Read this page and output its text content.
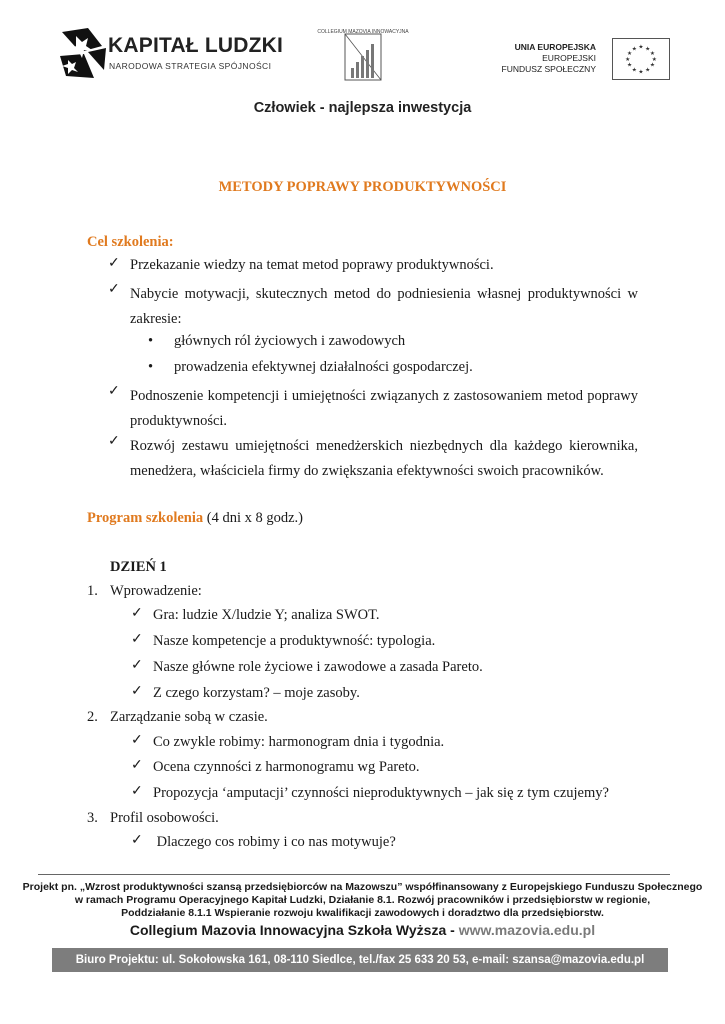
KAPITAŁ LUDZKI
NARODOWA STRATEGIA SPÓJNOŚCI
COLLEGIUM MAZOVIA INNOWACYJNA
UNIA EUROPEJSKA
EUROPEJSKI
FUNDUSZ SPOŁECZNY
★ ★
★
★
★
★
★
★
★
★
★
★
Człowiek - najlepsza inwestycja
METODY POPRAWY PRODUKTYWNOŚCI
Cel szkolenia:
✓ Przekazanie wiedzy na temat metod poprawy produktywności.
✓ Nabycie motywacji, skutecznych metod do podniesienia własnej produktywności w zakresie:
• głównych ról życiowych i zawodowych
• prowadzenia efektywnej działalności gospodarczej.
✓ Podnoszenie kompetencji i umiejętności związanych z zastosowaniem metod poprawy produktywności.
✓ Rozwój zestawu umiejętności menedżerskich niezbędnych dla każdego kierownika, menedżera, właściciela firmy do zwiększania efektywności swoich pracowników.
Program szkolenia (4 dni x 8 godz.)
DZIEŃ 1
1. Wprowadzenie:
✓ Gra: ludzie X/ludzie Y; analiza SWOT.
✓ Nasze kompetencje a produktywność: typologia.
✓ Nasze główne role życiowe i zawodowe a zasada Pareto.
✓ Z czego korzystam? – moje zasoby.
2. Zarządzanie sobą w czasie.
✓ Co zwykle robimy: harmonogram dnia i tygodnia.
✓ Ocena czynności z harmonogramu wg Pareto.
✓ Propozycja ‘amputacji’ czynności nieproduktywnych – jak się z tym czujemy?
3. Profil osobowości.
✓ Dlaczego cos robimy i co nas motywuje?
Projekt pn. „Wzrost produktywności szansą przedsiębiorców na Mazowszu” współfinansowany z Europejskiego Funduszu Społecznego
w ramach Programu Operacyjnego Kapitał Ludzki, Działanie 8.1. Rozwój pracowników i przedsiębiorstw w regionie,
Poddziałanie 8.1.1 Wspieranie rozwoju kwalifikacji zawodowych i doradztwo dla przedsiębiorstw.
Collegium Mazovia Innowacyjna Szkoła Wyższa - www.mazovia.edu.pl
Biuro Projektu: ul. Sokołowska 161, 08-110 Siedlce, tel./fax 25 633 20 53, e-mail: szansa@mazovia.edu.pl
